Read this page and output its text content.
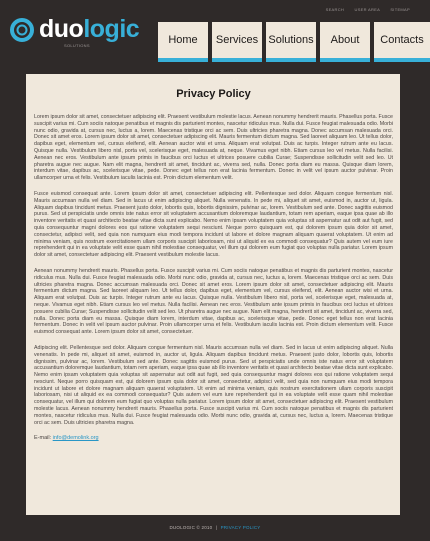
SEARCH	USER AREA	SITEMAP
duologic
SOLUTIONS	Home	Services Solutions	About	Contacts
Privacy Policy

Lorem ipsum dolor sit amet, consectetuer adipiscing elit. Praesent vestibulum molestie lacus. Aenean nonummy hendrerit mauris. Phasellus porta. Fusce suscipit varius mi. Cum sociis natoque penatibus et magnis dis parturient montes, nascetur ridiculus mus. Nulla dui. Fusce feugiat malesuada odio. Morbi nunc odio, gravida at, cursus nec, luctus a, lorem. Maecenas tristique orci ac sem. Duis ultricies pharetra magna. Donec accumsan malesuada orci. Donec sit amet eros. Lorem ipsum dolor sit amet, consectetuer adipiscing elit. Mauris fermentum dictum magna. Sed laoreet aliquam leo. Ut tellus dolor, dapibus eget, elementum vel, cursus eleifend, elit. Aenean auctor wisi et urna. Aliquam erat volutpat. Duis ac turpis. Integer rutrum ante eu lacus. Quisque nulla. Vestibulum libero nisl, porta vel, scelerisque eget, malesuada at, neque. Vivamus eget nibh. Etiam cursus leo vel metus. Nulla facilisi. Aenean nec eros. Vestibulum ante ipsum primis in faucibus orci luctus et ultrices posuere cubilia Curae; Suspendisse sollicitudin velit sed leo. Ut pharetra augue nec augue. Nam elit magna, hendrerit sit amet, tincidunt ac, viverra sed, nulla. Donec porta diam eu massa. Quisque diam lorem, interdum vitae, dapibus ac, scelerisque vitae, pede. Donec eget tellus non erat lacinia fermentum. Donec in velit vel ipsum auctor pulvinar. Proin ullamcorper urna et felis. Vestibulum iaculis lacinia est. Proin dictum elementum velit.

Fusce euismod consequat ante. Lorem ipsum dolor sit amet, consectetuer adipiscing elit. Pellentesque sed dolor. Aliquam congue fermentum nisl. Mauris accumsan nulla vel diam. Sed in lacus ut enim adipiscing aliquet. Nulla venenatis. In pede mi, aliquet sit amet, euismod in, auctor ut, ligula. Aliquam dapibus tincidunt metus. Praesent justo dolor, lobortis quis, lobortis dignissim, pulvinar ac, lorem. Vestibulum sed ante. Donec sagittis euismod purus. Sed ut perspiciatis unde omnis iste natus error sit voluptatem accusantium doloremque laudantium, totam rem aperiam, eaque ipsa quae ab illo inventore veritatis et quasi architecto beatae vitae dicta sunt explicabo. Nemo enim ipsam voluptatem quia voluptas sit aspernatur aut odit aut fugit, sed quia consequuntur magni dolores eos qui ratione voluptatem sequi nesciunt. Neque porro quisquam est, qui dolorem ipsum quia dolor sit amet, consectetur, adipisci velit, sed quia non numquam eius modi tempora incidunt ut labore et dolore magnam aliquam quaerat voluptatem. Ut enim ad minima veniam, quis nostrum exercitationem ullam corporis suscipit laboriosam, nisi ut aliquid ex ea commodi consequatur? Quis autem vel eum iure reprehenderit qui in ea voluptate velit esse quam nihil molestiae consequatur, vel illum qui dolorem eum fugiat quo voluptas nulla pariatur. Lorem ipsum dolor sit amet, consectetuer adipiscing elit. Praesent vestibulum molestie lacus.

Aenean nonummy hendrerit mauris. Phasellus porta. Fusce suscipit varius mi. Cum sociis natoque penatibus et magnis dis parturient montes, nascetur ridiculus mus. Nulla dui. Fusce feugiat malesuada odio. Morbi nunc odio, gravida at, cursus nec, luctus a, lorem. Maecenas tristique orci ac sem. Duis ultricies pharetra magna. Donec accumsan malesuada orci. Donec sit amet eros. Lorem ipsum dolor sit amet, consectetuer adipiscing elit. Mauris fermentum dictum magna. Sed laoreet aliquam leo. Ut tellus dolor, dapibus eget, elementum vel, cursus eleifend, elit. Aenean auctor wisi et urna. Aliquam erat volutpat. Duis ac turpis. Integer rutrum ante eu lacus. Quisque nulla. Vestibulum libero nisl, porta vel, scelerisque eget, malesuada at, neque. Vivamus eget nibh. Etiam cursus leo vel metus. Nulla facilisi. Aenean nec eros. Vestibulum ante ipsum primis in faucibus orci luctus et ultrices posuere cubilia Curae; Suspendisse sollicitudin velit sed leo. Ut pharetra augue nec augue. Nam elit magna, hendrerit sit amet, tincidunt ac, viverra sed, nulla. Donec porta diam eu massa. Quisque diam lorem, interdum vitae, dapibus ac, scelerisque vitae, pede. Donec eget tellus non erat lacinia fermentum. Donec in velit vel ipsum auctor pulvinar. Proin ullamcorper urna et felis. Vestibulum iaculis lacinia est. Proin dictum elementum velit. Fusce euismod consequat ante. Lorem ipsum dolor sit amet, consectetuer.

Adipiscing elit. Pellentesque sed dolor. Aliquam congue fermentum nisl. Mauris accumsan nulla vel diam. Sed in lacus ut enim adipiscing aliquet. Nulla venenatis. In pede mi, aliquet sit amet, euismod in, auctor ut, ligula. Aliquam dapibus tincidunt metus. Praesent justo dolor, lobortis quis, lobortis dignissim, pulvinar ac, lorem. Vestibulum sed ante. Donec sagittis euismod purus. Sed ut perspiciatis unde omnis iste natus error sit voluptatem accusantium doloremque laudantium, totam rem aperiam, eaque ipsa quae ab illo inventore veritatis et quasi architecto beatae vitae dicta sunt explicabo. Nemo enim ipsam voluptatem quia voluptas sit aspernatur aut odit aut fugit, sed quia consequuntur magni dolores eos qui ratione voluptatem sequi nesciunt. Neque porro quisquam est, qui dolorem ipsum quia dolor sit amet, consectetur, adipisci velit, sed quia non numquam eius modi tempora incidunt ut labore et dolore magnam aliquam quaerat voluptatem. Ut enim ad minima veniam, quis nostrum exercitationem ullam corporis suscipit laboriosam, nisi ut aliquid ex ea commodi consequatur? Quis autem vel eum iure reprehenderit qui in ea voluptate velit esse quam nihil molestiae consequatur, vel illum qui dolorem eum fugiat quo voluptas nulla pariatur. Lorem ipsum dolor sit amet, consectetuer adipiscing elit. Praesent vestibulum molestie lacus. Aenean nonummy hendrerit mauris. Phasellus porta. Fusce suscipit varius mi. Cum sociis natoque penatibus et magnis dis parturient montes, nascetur ridiculus mus. Nulla dui. Fusce feugiat malesuada odio. Morbi nunc odio, gravida at, cursus nec, luctus a, lorem. Maecenas tristique orci ac sem. Duis ultricies pharetra magna.

E-mail: info@demolink.org
DUOLOGIC © 2010 | PRIVACY POLICY
